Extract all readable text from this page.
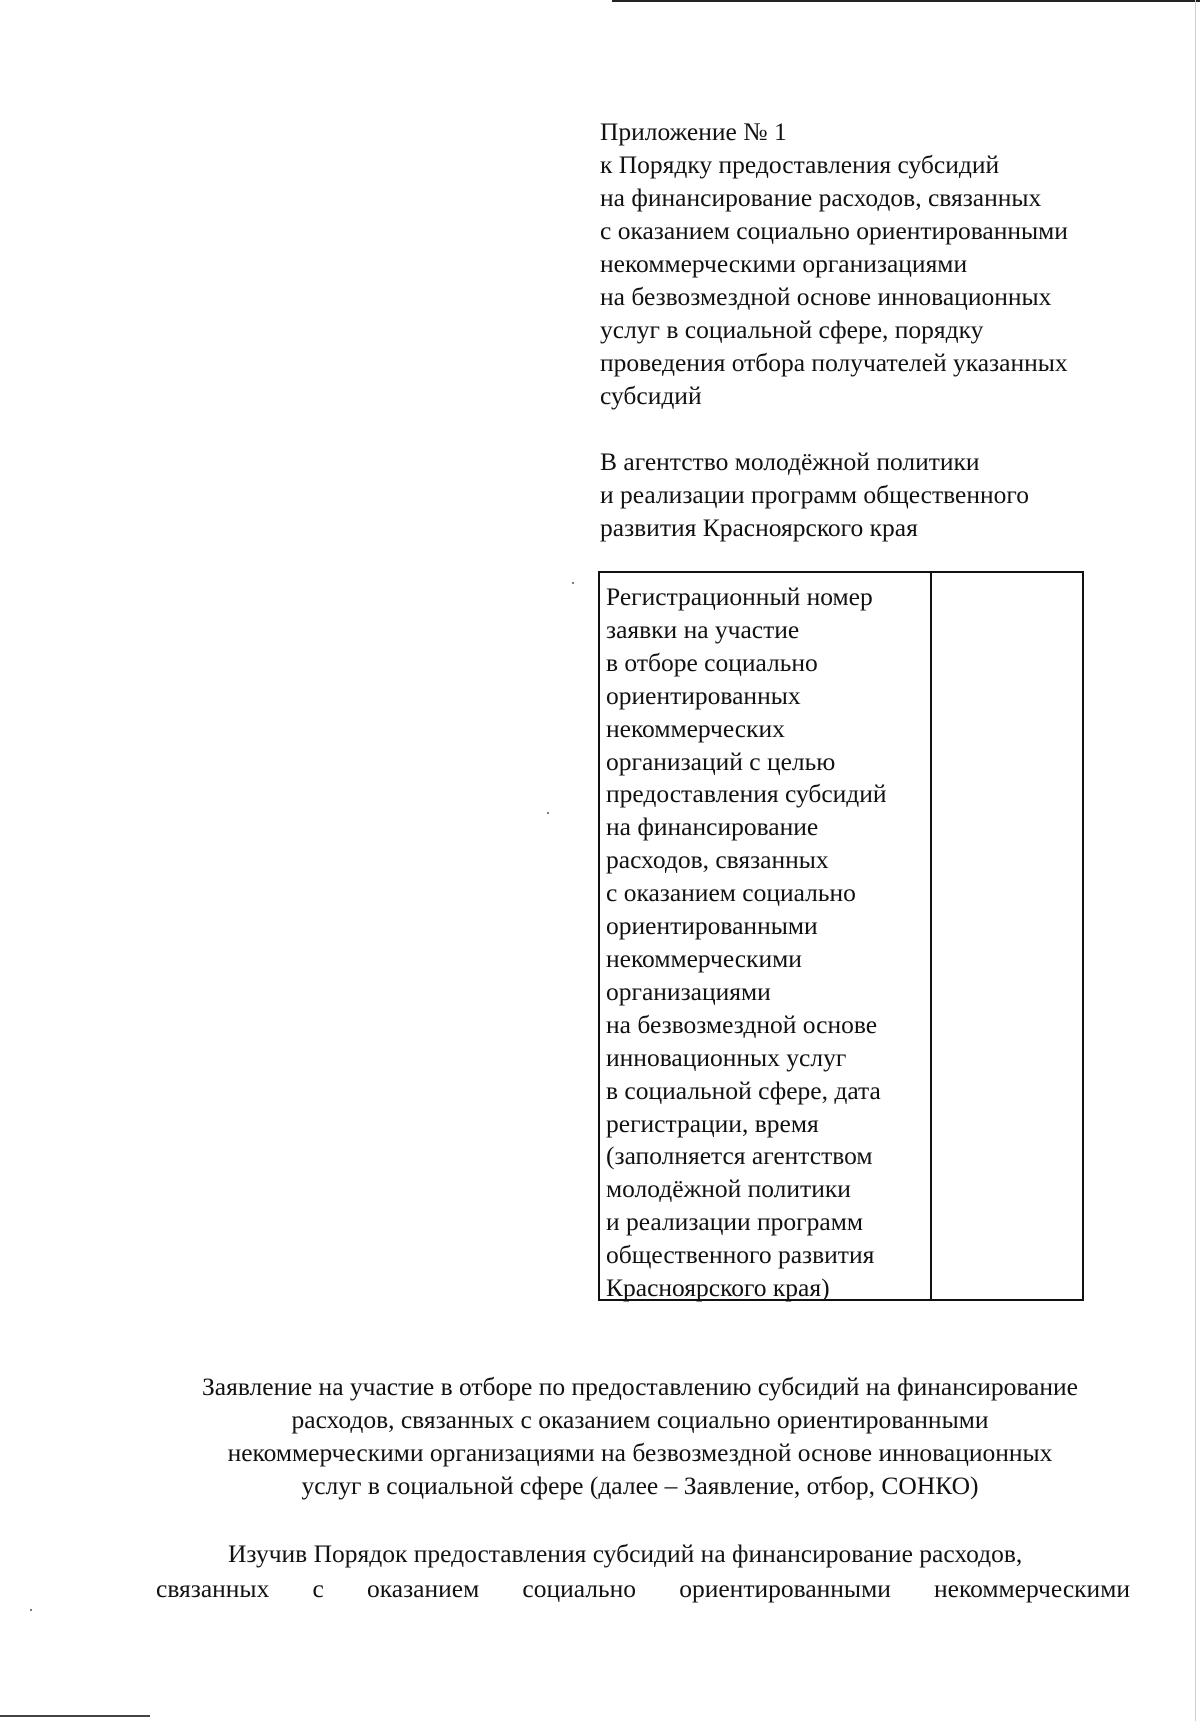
Приложение № 1
к Порядку предоставления субсидий
на финансирование расходов, связанных
с оказанием социально ориентированными
некоммерческими организациями
на безвозмездной основе инновационных
услуг в социальной сфере, порядку
проведения отбора получателей указанных
субсидий
В агентство молодёжной политики
и реализации программ общественного
развития Красноярского края
Регистрационный номер
заявки на участие
в отборе социально
ориентированных
некоммерческих
организаций с целью
предоставления субсидий
на финансирование
расходов, связанных
с оказанием социально
ориентированными
некоммерческими
организациями
на безвозмездной основе
инновационных услуг
в социальной сфере, дата
регистрации, время
(заполняется агентством
молодёжной политики
и реализации программ
общественного развития
Красноярского края)
Заявление на участие в отборе по предоставлению субсидий на финансирование
расходов, связанных с оказанием социально ориентированными
некоммерческими организациями на безвозмездной основе инновационных
услуг в социальной сфере (далее – Заявление, отбор, СОНКО)
Изучив Порядок предоставления субсидий на финансирование расходов,
связанных с оказанием социально ориентированными некоммерческими
